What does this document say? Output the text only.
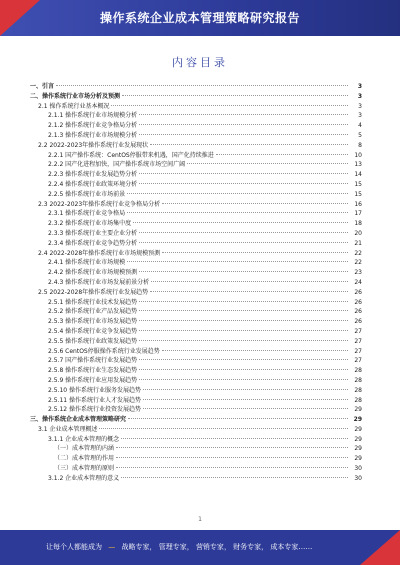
操作系统企业成本管理策略研究报告
内容目录
一、引言	3
二、操作系统行业市场分析及预测	3
2.1 操作系统行业基本概况	3
2.1.1 操作系统行业市场规模分析	3
2.1.2 操作系统行业竞争格局分析	4
2.1.3 操作系统行业市场规模分析	5
2.2 2022-2023年操作系统行业发展现状	8
2.2.1 国产操作系统：CentOS停服带来机遇，国产化持续推进	10
2.2.2 国产化进程加快，国产操作系统市场空间广阔	13
2.2.3 操作系统行业发展趋势分析	14
2.2.4 操作系统行业政策环境分析	15
2.2.5 操作系统行业市场前景	15
2.3 2022-2023年操作系统行业竞争格局分析	16
2.3.1 操作系统行业竞争格局	17
2.3.2 操作系统行业市场集中度	18
2.3.3 操作系统行业主要企业分析	20
2.3.4 操作系统行业竞争趋势分析	21
2.4 2022-2028年操作系统行业市场规模预测	22
2.4.1 操作系统行业市场规模	22
2.4.2 操作系统行业市场规模预测	23
2.4.3 操作系统行业市场发展前景分析	24
2.5 2022-2028年操作系统行业发展趋势	26
2.5.1 操作系统行业技术发展趋势	26
2.5.2 操作系统行业产品发展趋势	26
2.5.3 操作系统行业市场发展趋势	26
2.5.4 操作系统行业竞争发展趋势	27
2.5.5 操作系统行业政策发展趋势	27
2.5.6 CentOS停服操作系统行业发展趋势	27
2.5.7 国产操作系统行业发展趋势	27
2.5.8 操作系统行业生态发展趋势	28
2.5.9 操作系统行业应用发展趋势	28
2.5.10 操作系统行业服务发展趋势	28
2.5.11 操作系统行业人才发展趋势	28
2.5.12 操作系统行业投资发展趋势	29
三、操作系统企业成本管理策略研究	29
3.1 企业成本管理概述	29
3.1.1 企业成本管理的概念	29
（一）成本管理的内涵	29
（二）成本管理的作用	29
（三）成本管理的原则	30
3.1.2 企业成本管理的意义	30
1
让每个人都能成为 — 战略专家， 管理专家， 营销专家， 财务专家， 成本专家……
